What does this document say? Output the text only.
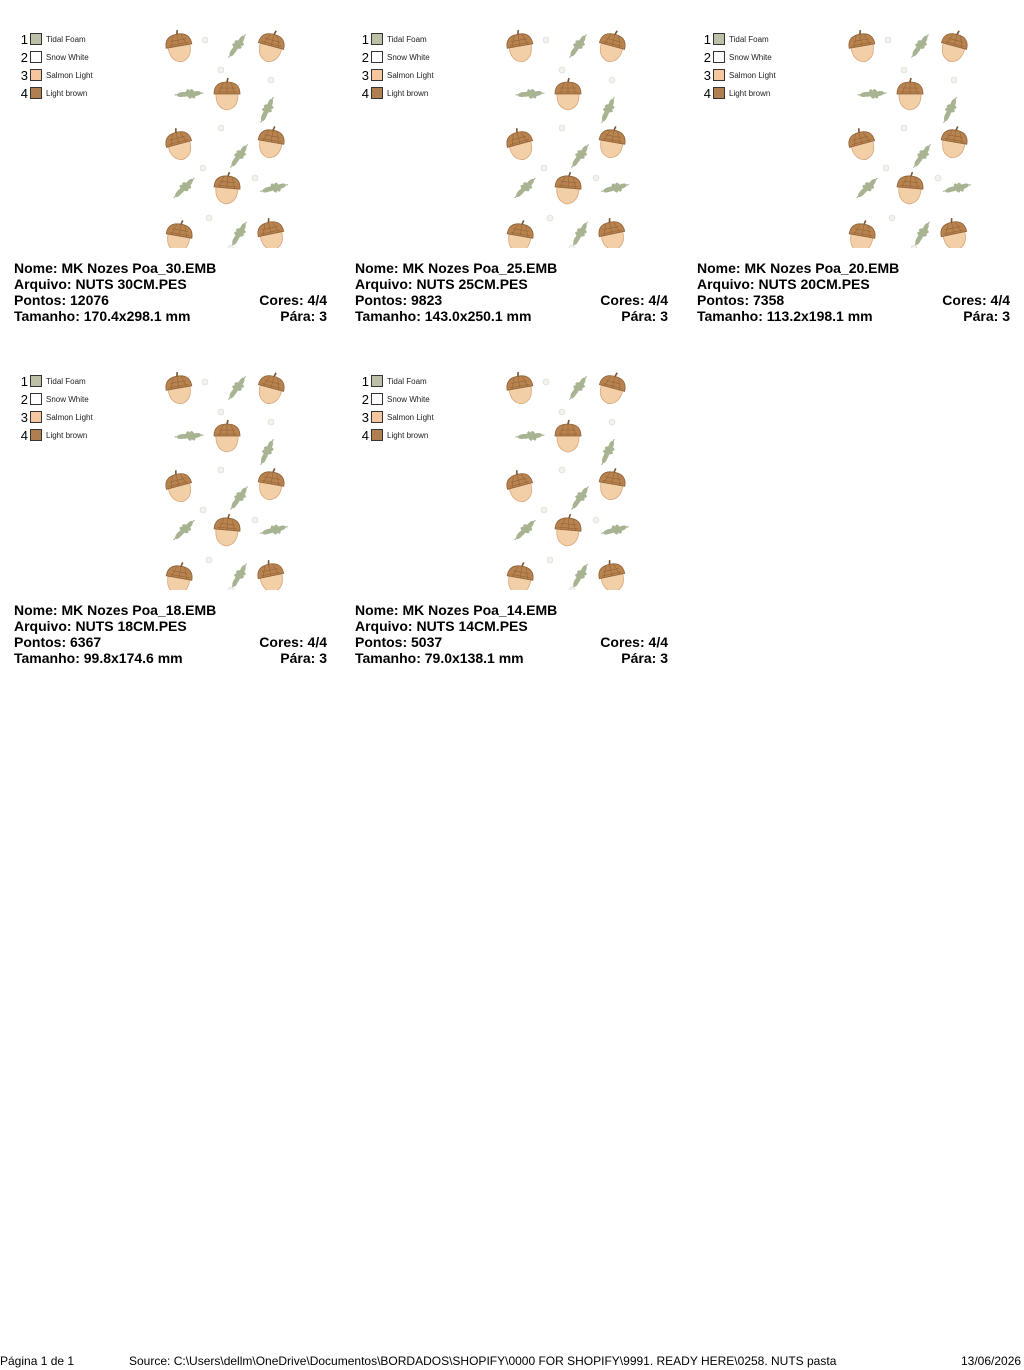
1 Tidal Foam
2 Snow White
3 Salmon Light
4 Light brown
Nome: MK Nozes Poa_30.EMB
Arquivo: NUTS 30CM.PES
Pontos: 12076	Cores: 4/4
Tamanho: 170.4x298.1 mm	Pára: 3
1 Tidal Foam
2 Snow White
3 Salmon Light
4 Light brown
Nome: MK Nozes Poa_25.EMB
Arquivo: NUTS 25CM.PES
Pontos: 9823	Cores: 4/4
Tamanho: 143.0x250.1 mm	Pára: 3
1 Tidal Foam
2 Snow White
3 Salmon Light
4 Light brown
Nome: MK Nozes Poa_20.EMB
Arquivo: NUTS 20CM.PES
Pontos: 7358	Cores: 4/4
Tamanho: 113.2x198.1 mm	Pára: 3
1 Tidal Foam
2 Snow White
3 Salmon Light
4 Light brown
Nome: MK Nozes Poa_18.EMB
Arquivo: NUTS 18CM.PES
Pontos: 6367	Cores: 4/4
Tamanho: 99.8x174.6 mm	Pára: 3
1 Tidal Foam
2 Snow White
3 Salmon Light
4 Light brown
Nome: MK Nozes Poa_14.EMB
Arquivo: NUTS 14CM.PES
Pontos: 5037	Cores: 4/4
Tamanho: 79.0x138.1 mm	Pára: 3
Página 1 de 1	Source: C:\Users\dellm\OneDrive\Documentos\BORDADOS\SHOPIFY\0000 FOR SHOPIFY\9991. READY HERE\0258. NUTS pasta	13/06/2026
